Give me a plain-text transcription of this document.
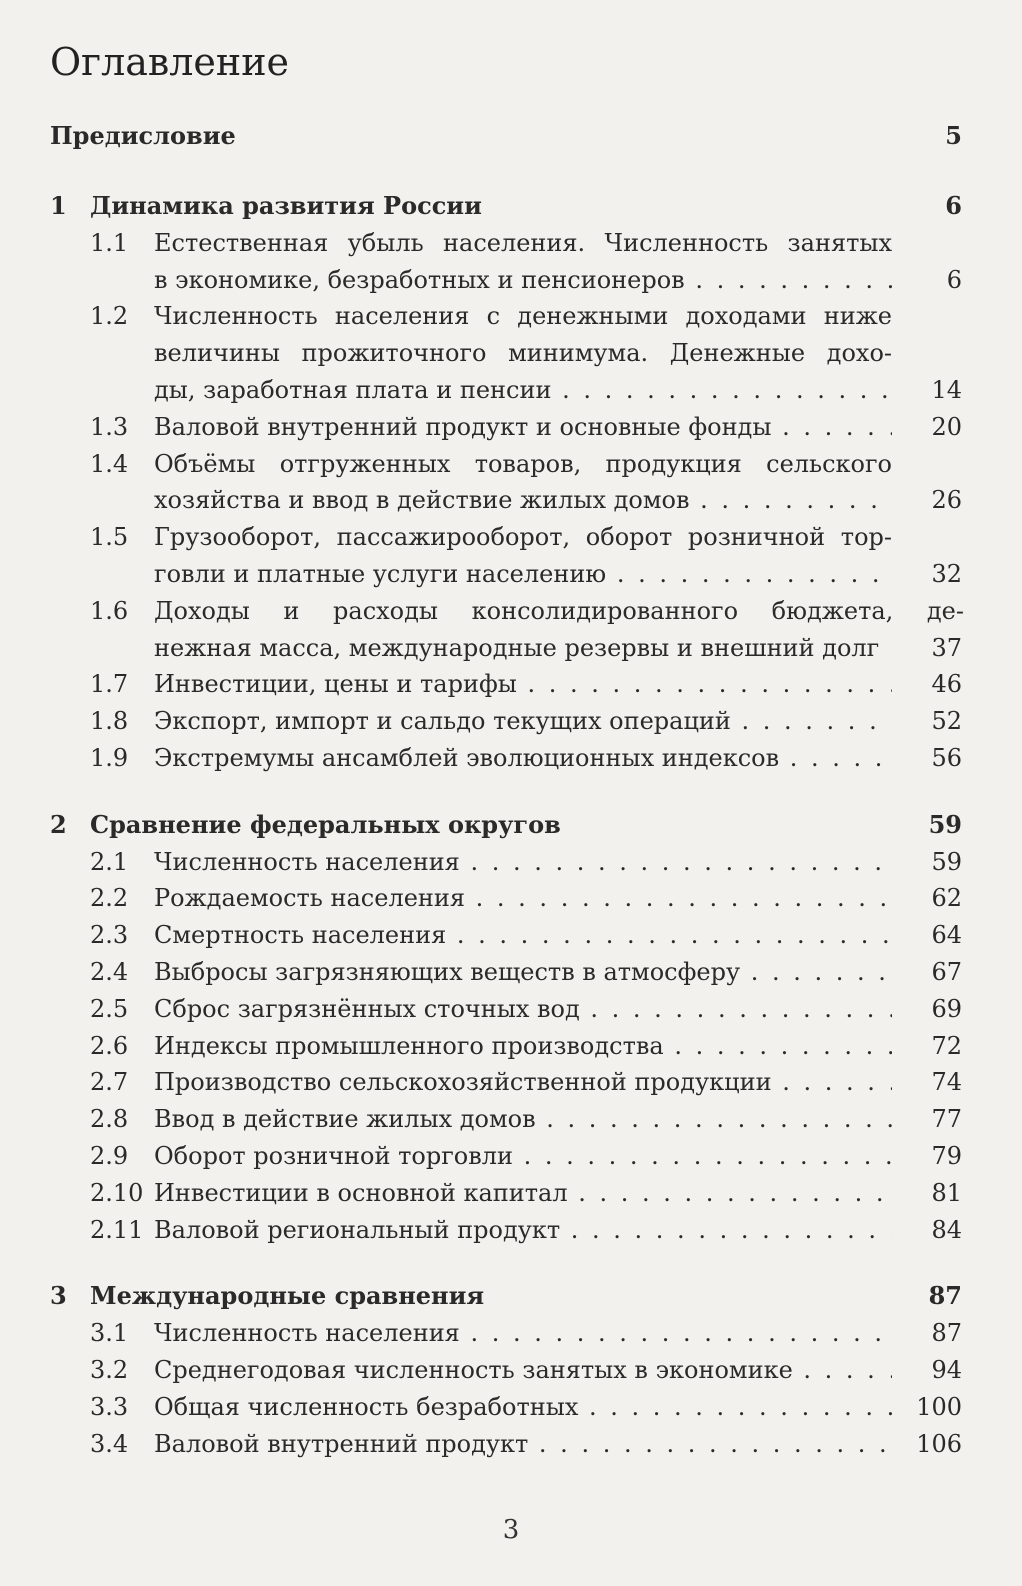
Оглавление
Предисловие	5
1 Динамика развития России	6
1.1 Естественная убыль населения. Численность занятых
в экономике, безработных и пенсионеров . . .	6
1.2 Численность населения с денежными доходами ниже
величины прожиточного минимума. Денежные дохо-
ды, заработная плата и пенсии . . .	14
1.3 Валовой внутренний продукт и основные фонды . . .	20
1.4 Объёмы отгруженных товаров, продукция сельского
хозяйства и ввод в действие жилых домов . . .	26
1.5 Грузооборот, пассажирооборот, оборот розничной тор-
говли и платные услуги населению . . .	32
1.6 Доходы и расходы консолидированного бюджета, де-
нежная масса, международные резервы и внешний долг	37
1.7 Инвестиции, цены и тарифы . . .	46
1.8 Экспорт, импорт и сальдо текущих операций . . .	52
1.9 Экстремумы ансамблей эволюционных индексов . . .	56
2 Сравнение федеральных округов	59
2.1 Численность населения . . .	59
2.2 Рождаемость населения . . .	62
2.3 Смертность населения . . .	64
2.4 Выбросы загрязняющих веществ в атмосферу . . .	67
2.5 Сброс загрязнённых сточных вод . . .	69
2.6 Индексы промышленного производства . . .	72
2.7 Производство сельскохозяйственной продукции . . .	74
2.8 Ввод в действие жилых домов . . .	77
2.9 Оборот розничной торговли . . .	79
2.10 Инвестиции в основной капитал . . .	81
2.11 Валовой региональный продукт . . .	84
3 Международные сравнения	87
3.1 Численность населения . . .	87
3.2 Среднегодовая численность занятых в экономике . . .	94
3.3 Общая численность безработных . . .	100
3.4 Валовой внутренний продукт . . .	106
3
